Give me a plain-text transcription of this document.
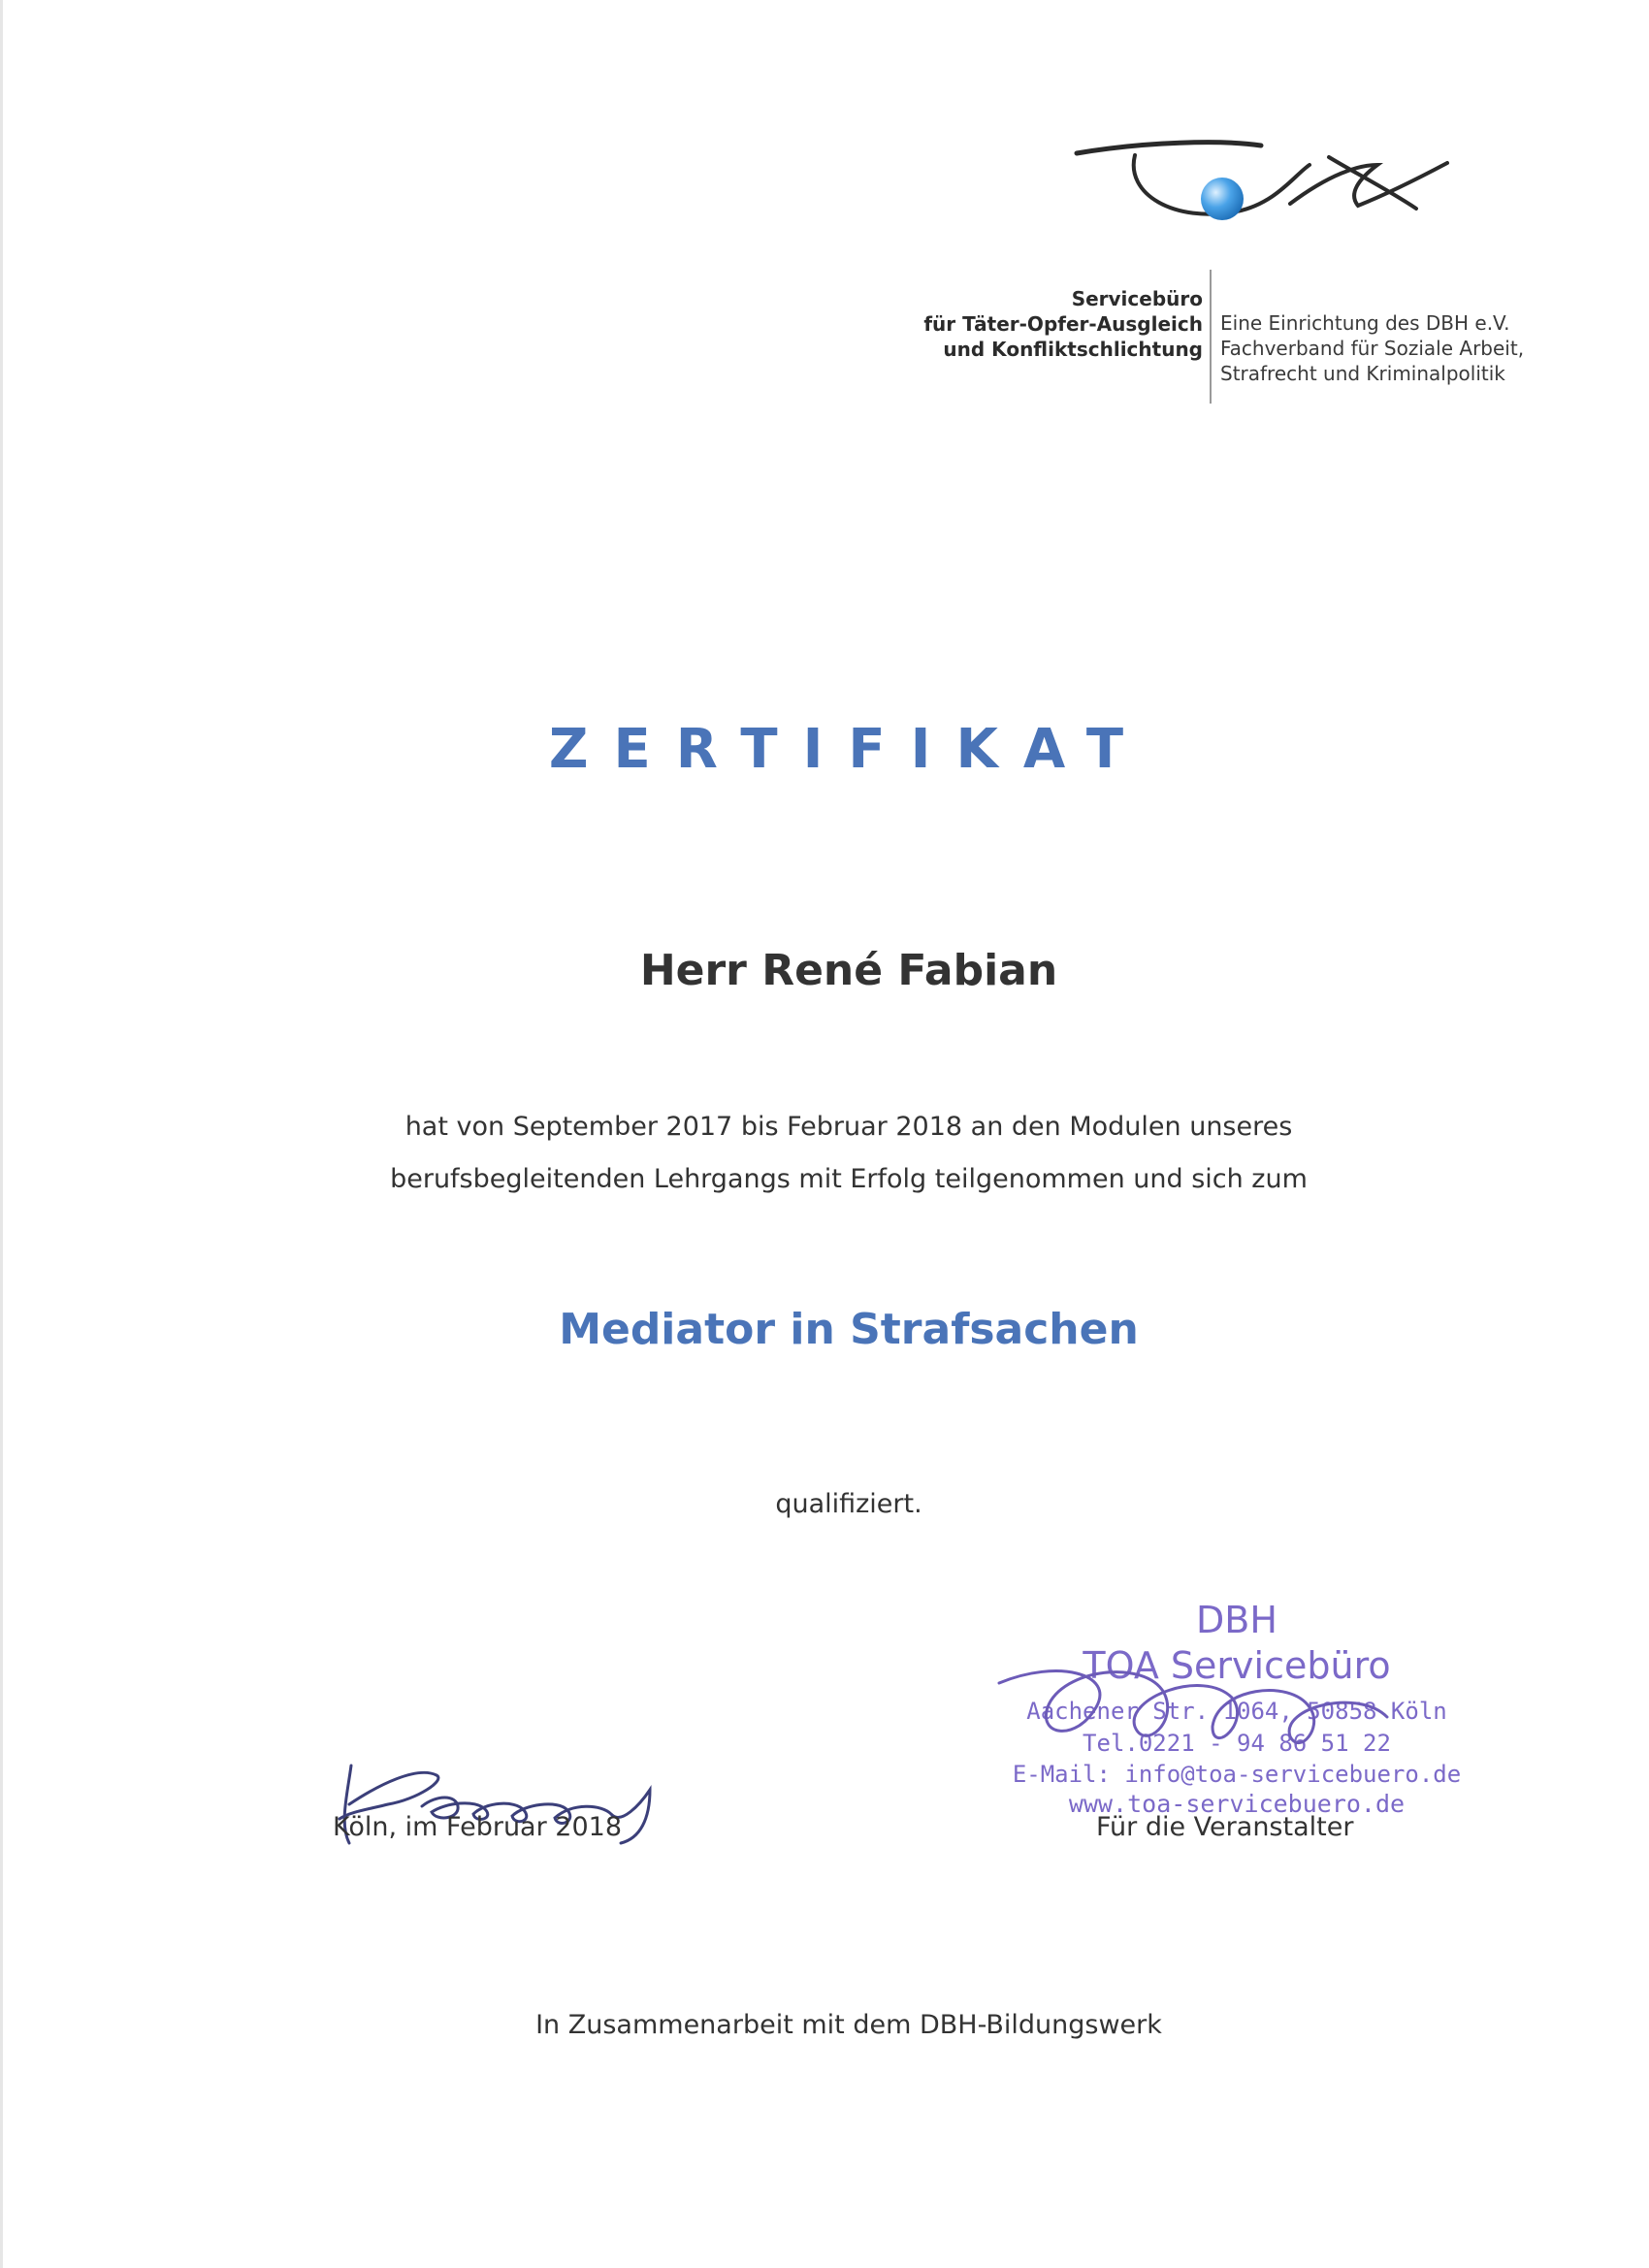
Servicebüro
für Täter-Opfer-Ausgleich
und Konfliktschlichtung
Eine Einrichtung des DBH e.V.
Fachverband für Soziale Arbeit,
Strafrecht und Kriminalpolitik
ZERTIFIKAT
Herr René Fabian
hat von September 2017 bis Februar 2018 an den Modulen unseres
berufsbegleitenden Lehrgangs mit Erfolg teilgenommen und sich zum
Mediator in Strafsachen
qualifiziert.
DBH
TOA Servicebüro
Aachener Str. 1064, 50858 Köln
Tel.0221 - 94 86 51 22
E-Mail: info@toa-servicebuero.de
www.toa-servicebuero.de
Köln, im Februar 2018	Für die Veranstalter
In Zusammenarbeit mit dem DBH-Bildungswerk
